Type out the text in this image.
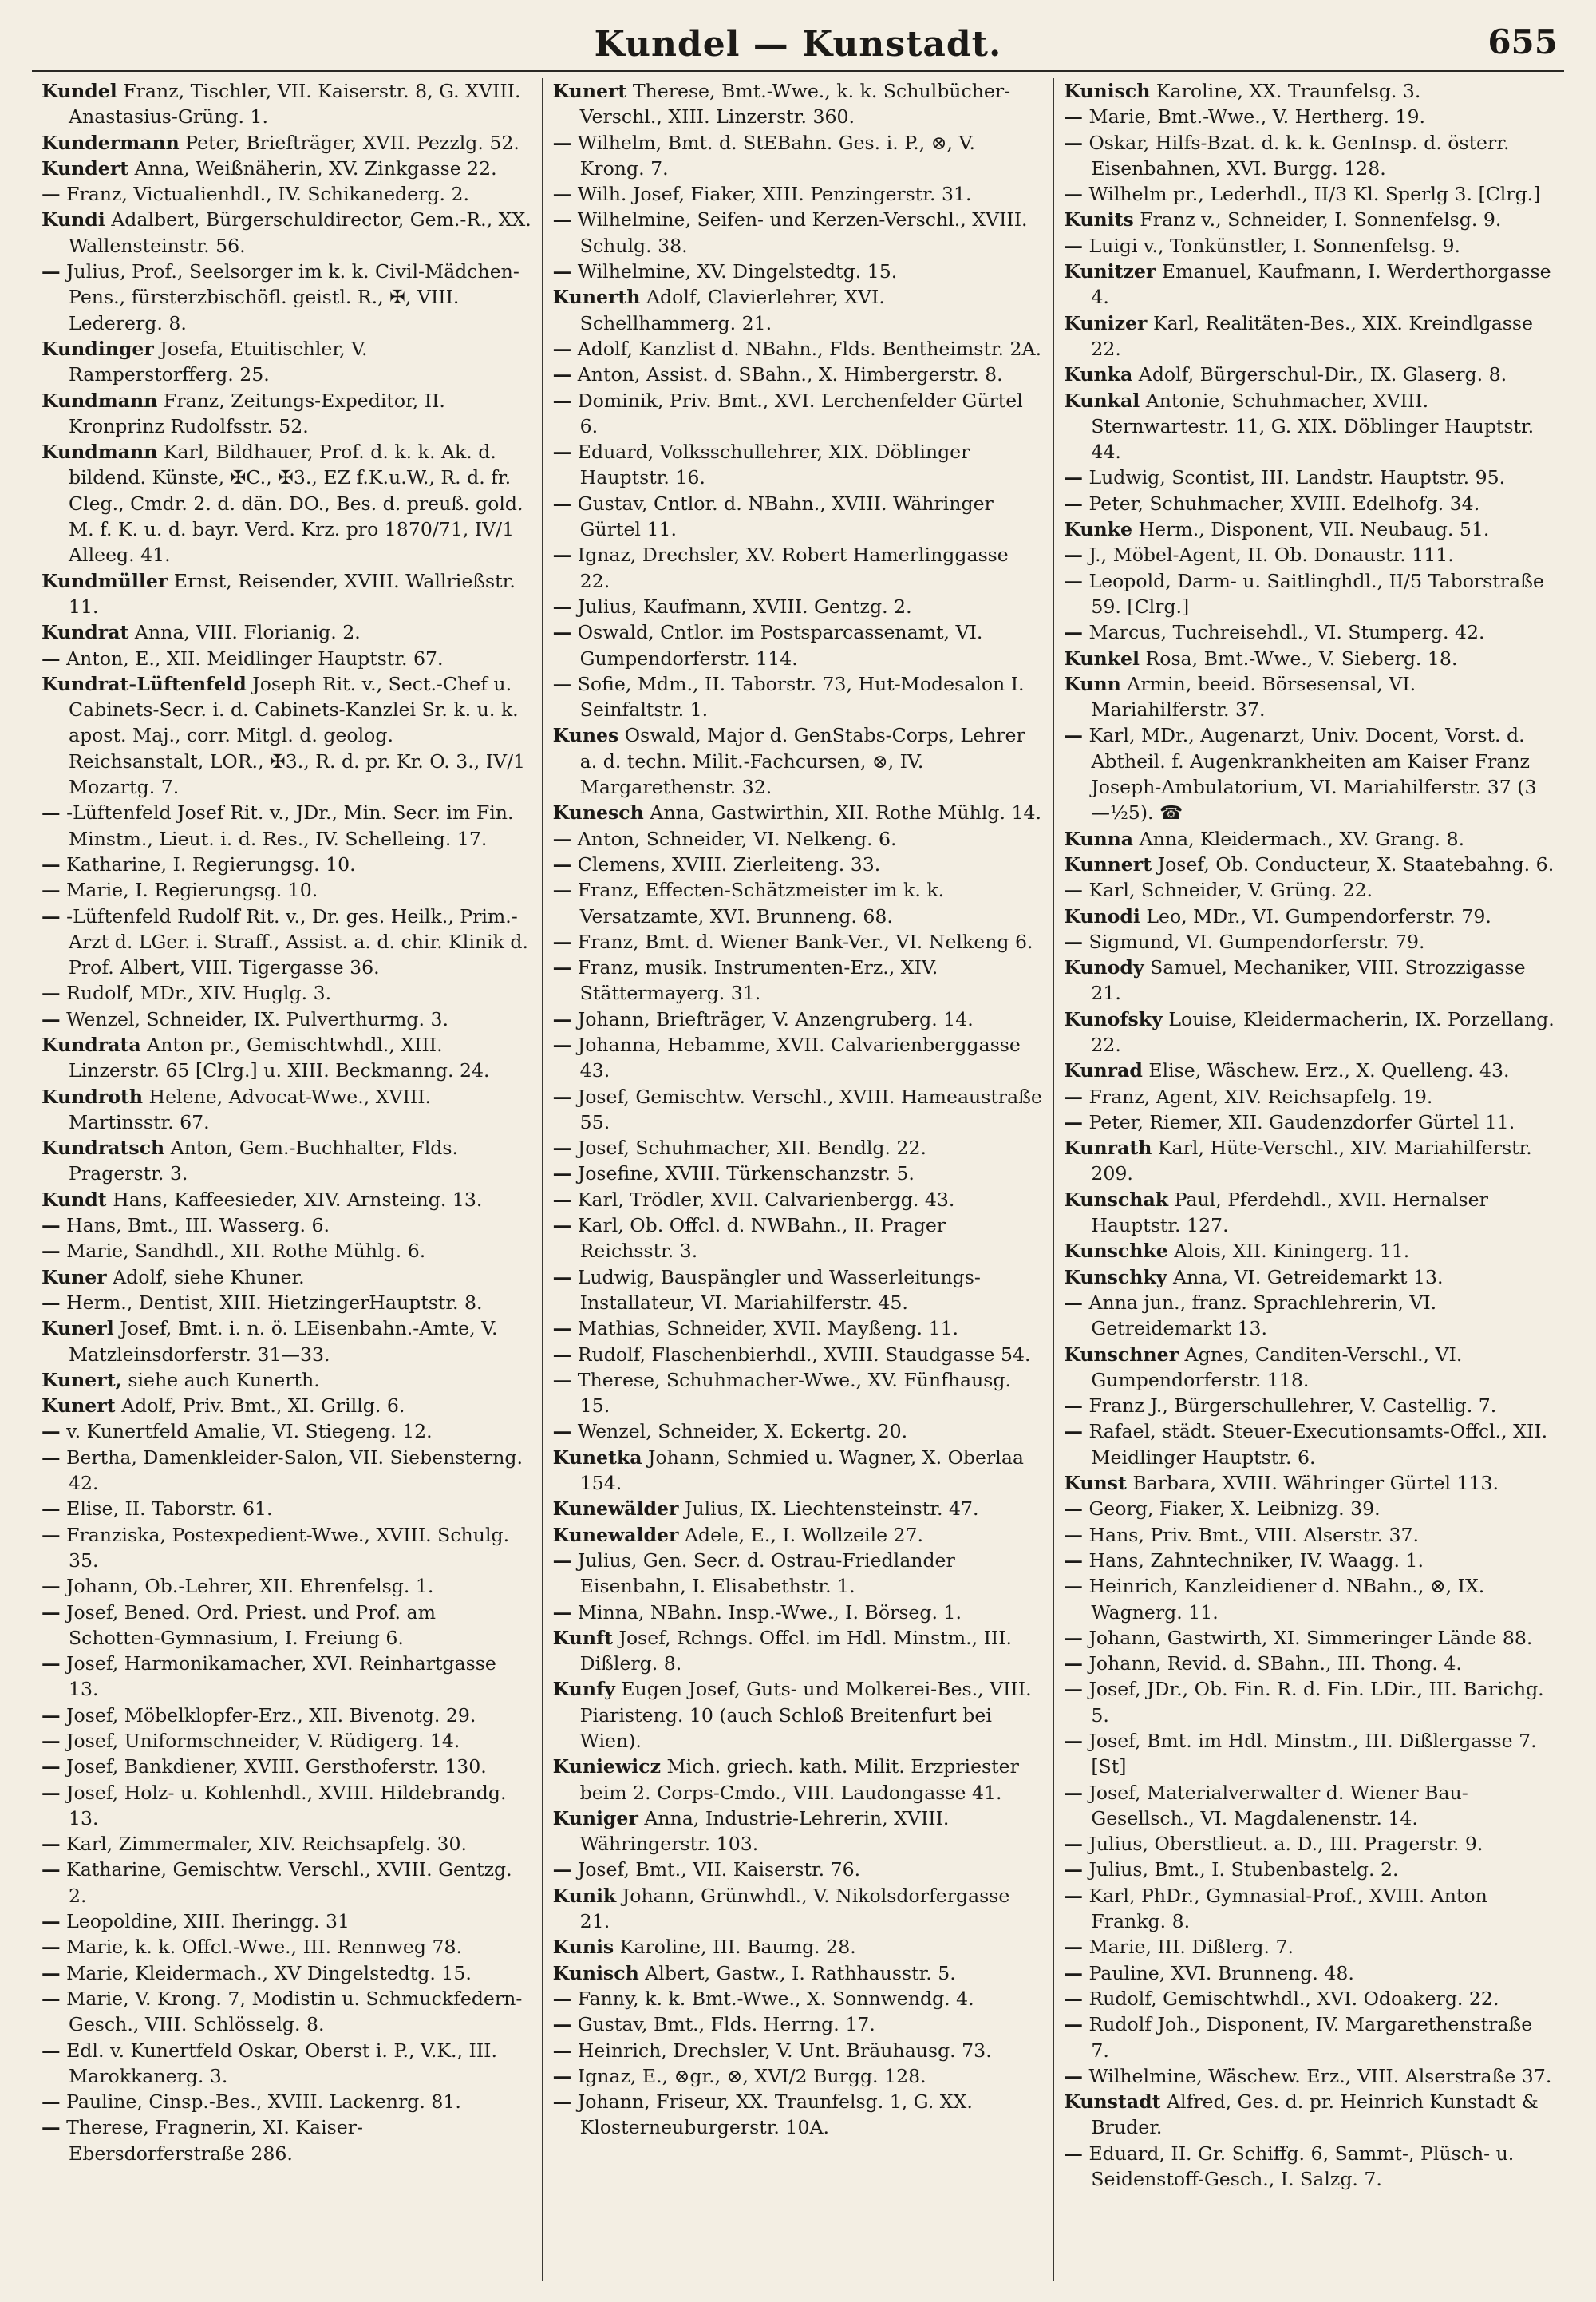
Kundel — Kunstadt.	655
Kundel Franz, Tischler, VII. Kaiserstr. 8, G. XVIII. Anastasius-Grüng. 1.
Kundermann Peter, Briefträger, XVII. Pezzlg. 52.
Kundert Anna, Weißnäherin, XV. Zinkgasse 22.
— Franz, Victualienhdl., IV. Schikanederg. 2.
Kundi Adalbert, Bürgerschuldirector, Gem.-R., XX. Wallensteinstr. 56.
— Julius, Prof., Seelsorger im k. k. Civil-Mädchen-Pens., fürsterzbischöfl. geistl. R., ✠, VIII. Ledererg. 8.
Kundinger Josefa, Etuitischler, V. Ramperstorfferg. 25.
Kundmann Franz, Zeitungs-Expeditor, II. Kronprinz Rudolfsstr. 52.
Kundmann Karl, Bildhauer, Prof. d. k. k. Ak. d. bildend. Künste, ✠C., ✠3., EZ f.K.u.W., R. d. fr. Cleg., Cmdr. 2. d. dän. DO., Bes. d. preuß. gold. M. f. K. u. d. bayr. Verd. Krz. pro 1870/71, IV/1 Alleeg. 41.
Kundmüller Ernst, Reisender, XVIII. Wallrießstr. 11.
Kundrat Anna, VIII. Florianig. 2.
— Anton, E., XII. Meidlinger Hauptstr. 67.
Kundrat-Lüftenfeld Joseph Rit. v., Sect.-Chef u. Cabinets-Secr. i. d. Cabinets-Kanzlei Sr. k. u. k. apost. Maj., corr. Mitgl. d. geolog. Reichsanstalt, LOR., ✠3., R. d. pr. Kr. O. 3., IV/1 Mozartg. 7.
— -Lüftenfeld Josef Rit. v., JDr., Min. Secr. im Fin. Minstm., Lieut. i. d. Res., IV. Schelleing. 17.
— Katharine, I. Regierungsg. 10.
— Marie, I. Regierungsg. 10.
— -Lüftenfeld Rudolf Rit. v., Dr. ges. Heilk., Prim.-Arzt d. LGer. i. Straff., Assist. a. d. chir. Klinik d. Prof. Albert, VIII. Tigergasse 36.
— Rudolf, MDr., XIV. Huglg. 3.
— Wenzel, Schneider, IX. Pulverthurmg. 3.
Kundrata Anton pr., Gemischtwhdl., XIII. Linzerstr. 65 [Clrg.] u. XIII. Beckmanng. 24.
Kundroth Helene, Advocat-Wwe., XVIII. Martinsstr. 67.
Kundratsch Anton, Gem.-Buchhalter, Flds. Pragerstr. 3.
Kundt Hans, Kaffeesieder, XIV. Arnsteing. 13.
— Hans, Bmt., III. Wasserg. 6.
— Marie, Sandhdl., XII. Rothe Mühlg. 6.
Kuner Adolf, siehe Khuner.
— Herm., Dentist, XIII. HietzingerHauptstr. 8.
Kunerl Josef, Bmt. i. n. ö. LEisenbahn.-Amte, V. Matzleinsdorferstr. 31—33.
Kunert, siehe auch Kunerth.
Kunert Adolf, Priv. Bmt., XI. Grillg. 6.
— v. Kunertfeld Amalie, VI. Stiegeng. 12.
— Bertha, Damenkleider-Salon, VII. Siebensterng. 42.
— Elise, II. Taborstr. 61.
— Franziska, Postexpedient-Wwe., XVIII. Schulg. 35.
— Johann, Ob.-Lehrer, XII. Ehrenfelsg. 1.
— Josef, Bened. Ord. Priest. und Prof. am Schotten-Gymnasium, I. Freiung 6.
— Josef, Harmonikamacher, XVI. Reinhartgasse 13.
— Josef, Möbelklopfer-Erz., XII. Bivenotg. 29.
— Josef, Uniformschneider, V. Rüdigerg. 14.
— Josef, Bankdiener, XVIII. Gersthoferstr. 130.
— Josef, Holz- u. Kohlenhdl., XVIII. Hildebrandg. 13.
— Karl, Zimmermaler, XIV. Reichsapfelg. 30.
— Katharine, Gemischtw. Verschl., XVIII. Gentzg. 2.
— Leopoldine, XIII. Iheringg. 31
— Marie, k. k. Offcl.-Wwe., III. Rennweg 78.
— Marie, Kleidermach., XV Dingelstedtg. 15.
— Marie, V. Krong. 7, Modistin u. Schmuckfedern-Gesch., VIII. Schlösselg. 8.
— Edl. v. Kunertfeld Oskar, Oberst i. P., V.K., III. Marokkanerg. 3.
— Pauline, Cinsp.-Bes., XVIII. Lackenrg. 81.
— Therese, Fragnerin, XI. Kaiser-Ebersdorferstraße 286.
Kunert Therese, Bmt.-Wwe., k. k. Schulbücher-Verschl., XIII. Linzerstr. 360.
— Wilhelm, Bmt. d. StEBahn. Ges. i. P., ⊗, V. Krong. 7.
— Wilh. Josef, Fiaker, XIII. Penzingerstr. 31.
— Wilhelmine, Seifen- und Kerzen-Verschl., XVIII. Schulg. 38.
— Wilhelmine, XV. Dingelstedtg. 15.
Kunerth Adolf, Clavierlehrer, XVI. Schellhammerg. 21.
— Adolf, Kanzlist d. NBahn., Flds. Bentheimstr. 2A.
— Anton, Assist. d. SBahn., X. Himbergerstr. 8.
— Dominik, Priv. Bmt., XVI. Lerchenfelder Gürtel 6.
— Eduard, Volksschullehrer, XIX. Döblinger Hauptstr. 16.
— Gustav, Cntlor. d. NBahn., XVIII. Währinger Gürtel 11.
— Ignaz, Drechsler, XV. Robert Hamerlinggasse 22.
— Julius, Kaufmann, XVIII. Gentzg. 2.
— Oswald, Cntlor. im Postsparcassenamt, VI. Gumpendorferstr. 114.
— Sofie, Mdm., II. Taborstr. 73, Hut-Modesalon I. Seinfaltstr. 1.
Kunes Oswald, Major d. GenStabs-Corps, Lehrer a. d. techn. Milit.-Fachcursen, ⊗, IV. Margarethenstr. 32.
Kunesch Anna, Gastwirthin, XII. Rothe Mühlg. 14.
— Anton, Schneider, VI. Nelkeng. 6.
— Clemens, XVIII. Zierleiteng. 33.
— Franz, Effecten-Schätzmeister im k. k. Versatzamte, XVI. Brunneng. 68.
— Franz, Bmt. d. Wiener Bank-Ver., VI. Nelkeng 6.
— Franz, musik. Instrumenten-Erz., XIV. Stättermayerg. 31.
— Johann, Briefträger, V. Anzengruberg. 14.
— Johanna, Hebamme, XVII. Calvarienberggasse 43.
— Josef, Gemischtw. Verschl., XVIII. Hameaustraße 55.
— Josef, Schuhmacher, XII. Bendlg. 22.
— Josefine, XVIII. Türkenschanzstr. 5.
— Karl, Trödler, XVII. Calvarienbergg. 43.
— Karl, Ob. Offcl. d. NWBahn., II. Prager Reichsstr. 3.
— Ludwig, Bauspängler und Wasserleitungs-Installateur, VI. Mariahilferstr. 45.
— Mathias, Schneider, XVII. Mayßeng. 11.
— Rudolf, Flaschenbierhdl., XVIII. Staudgasse 54.
— Therese, Schuhmacher-Wwe., XV. Fünfhausg. 15.
— Wenzel, Schneider, X. Eckertg. 20.
Kunetka Johann, Schmied u. Wagner, X. Oberlaa 154.
Kunewälder Julius, IX. Liechtensteinstr. 47.
Kunewalder Adele, E., I. Wollzeile 27.
— Julius, Gen. Secr. d. Ostrau-Friedlander Eisenbahn, I. Elisabethstr. 1.
— Minna, NBahn. Insp.-Wwe., I. Börseg. 1.
Kunft Josef, Rchngs. Offcl. im Hdl. Minstm., III. Dißlerg. 8.
Kunfy Eugen Josef, Guts- und Molkerei-Bes., VIII. Piaristeng. 10 (auch Schloß Breitenfurt bei Wien).
Kuniewicz Mich. griech. kath. Milit. Erzpriester beim 2. Corps-Cmdo., VIII. Laudongasse 41.
Kuniger Anna, Industrie-Lehrerin, XVIII. Währingerstr. 103.
— Josef, Bmt., VII. Kaiserstr. 76.
Kunik Johann, Grünwhdl., V. Nikolsdorfergasse 21.
Kunis Karoline, III. Baumg. 28.
Kunisch Albert, Gastw., I. Rathhausstr. 5.
— Fanny, k. k. Bmt.-Wwe., X. Sonnwendg. 4.
— Gustav, Bmt., Flds. Herrng. 17.
— Heinrich, Drechsler, V. Unt. Bräuhausg. 73.
— Ignaz, E., ⊗gr., ⊗, XVI/2 Burgg. 128.
— Johann, Friseur, XX. Traunfelsg. 1, G. XX. Klosterneuburgerstr. 10A.
Kunisch Karoline, XX. Traunfelsg. 3.
— Marie, Bmt.-Wwe., V. Hertherg. 19.
— Oskar, Hilfs-Bzat. d. k. k. GenInsp. d. österr. Eisenbahnen, XVI. Burgg. 128.
— Wilhelm pr., Lederhdl., II/3 Kl. Sperlg 3. [Clrg.]
Kunits Franz v., Schneider, I. Sonnenfelsg. 9.
— Luigi v., Tonkünstler, I. Sonnenfelsg. 9.
Kunitzer Emanuel, Kaufmann, I. Werderthorgasse 4.
Kunizer Karl, Realitäten-Bes., XIX. Kreindlgasse 22.
Kunka Adolf, Bürgerschul-Dir., IX. Glaserg. 8.
Kunkal Antonie, Schuhmacher, XVIII. Sternwartestr. 11, G. XIX. Döblinger Hauptstr. 44.
— Ludwig, Scontist, III. Landstr. Hauptstr. 95.
— Peter, Schuhmacher, XVIII. Edelhofg. 34.
Kunke Herm., Disponent, VII. Neubaug. 51.
— J., Möbel-Agent, II. Ob. Donaustr. 111.
— Leopold, Darm- u. Saitlinghdl., II/5 Taborstraße 59. [Clrg.]
— Marcus, Tuchreisehdl., VI. Stumperg. 42.
Kunkel Rosa, Bmt.-Wwe., V. Sieberg. 18.
Kunn Armin, beeid. Börsesensal, VI. Mariahilferstr. 37.
— Karl, MDr., Augenarzt, Univ. Docent, Vorst. d. Abtheil. f. Augenkrankheiten am Kaiser Franz Joseph-Ambulatorium, VI. Mariahilferstr. 37 (3—½5). ☎
Kunna Anna, Kleidermach., XV. Grang. 8.
Kunnert Josef, Ob. Conducteur, X. Staatebahng. 6.
— Karl, Schneider, V. Grüng. 22.
Kunodi Leo, MDr., VI. Gumpendorferstr. 79.
— Sigmund, VI. Gumpendorferstr. 79.
Kunody Samuel, Mechaniker, VIII. Strozzigasse 21.
Kunofsky Louise, Kleidermacherin, IX. Porzellang. 22.
Kunrad Elise, Wäschew. Erz., X. Quelleng. 43.
— Franz, Agent, XIV. Reichsapfelg. 19.
— Peter, Riemer, XII. Gaudenzdorfer Gürtel 11.
Kunrath Karl, Hüte-Verschl., XIV. Mariahilferstr. 209.
Kunschak Paul, Pferdehdl., XVII. Hernalser Hauptstr. 127.
Kunschke Alois, XII. Kiningerg. 11.
Kunschky Anna, VI. Getreidemarkt 13.
— Anna jun., franz. Sprachlehrerin, VI. Getreidemarkt 13.
Kunschner Agnes, Canditen-Verschl., VI. Gumpendorferstr. 118.
— Franz J., Bürgerschullehrer, V. Castellig. 7.
— Rafael, städt. Steuer-Executionsamts-Offcl., XII. Meidlinger Hauptstr. 6.
Kunst Barbara, XVIII. Währinger Gürtel 113.
— Georg, Fiaker, X. Leibnizg. 39.
— Hans, Priv. Bmt., VIII. Alserstr. 37.
— Hans, Zahntechniker, IV. Waagg. 1.
— Heinrich, Kanzleidiener d. NBahn., ⊗, IX. Wagnerg. 11.
— Johann, Gastwirth, XI. Simmeringer Lände 88.
— Johann, Revid. d. SBahn., III. Thong. 4.
— Josef, JDr., Ob. Fin. R. d. Fin. LDir., III. Barichg. 5.
— Josef, Bmt. im Hdl. Minstm., III. Dißlergasse 7. [St]
— Josef, Materialverwalter d. Wiener Bau-Gesellsch., VI. Magdalenenstr. 14.
— Julius, Oberstlieut. a. D., III. Pragerstr. 9.
— Julius, Bmt., I. Stubenbastelg. 2.
— Karl, PhDr., Gymnasial-Prof., XVIII. Anton Frankg. 8.
— Marie, III. Dißlerg. 7.
— Pauline, XVI. Brunneng. 48.
— Rudolf, Gemischtwhdl., XVI. Odoakerg. 22.
— Rudolf Joh., Disponent, IV. Margarethenstraße 7.
— Wilhelmine, Wäschew. Erz., VIII. Alserstraße 37.
Kunstadt Alfred, Ges. d. pr. Heinrich Kunstadt & Bruder.
— Eduard, II. Gr. Schiffg. 6, Sammt-, Plüsch- u. Seidenstoff-Gesch., I. Salzg. 7.
